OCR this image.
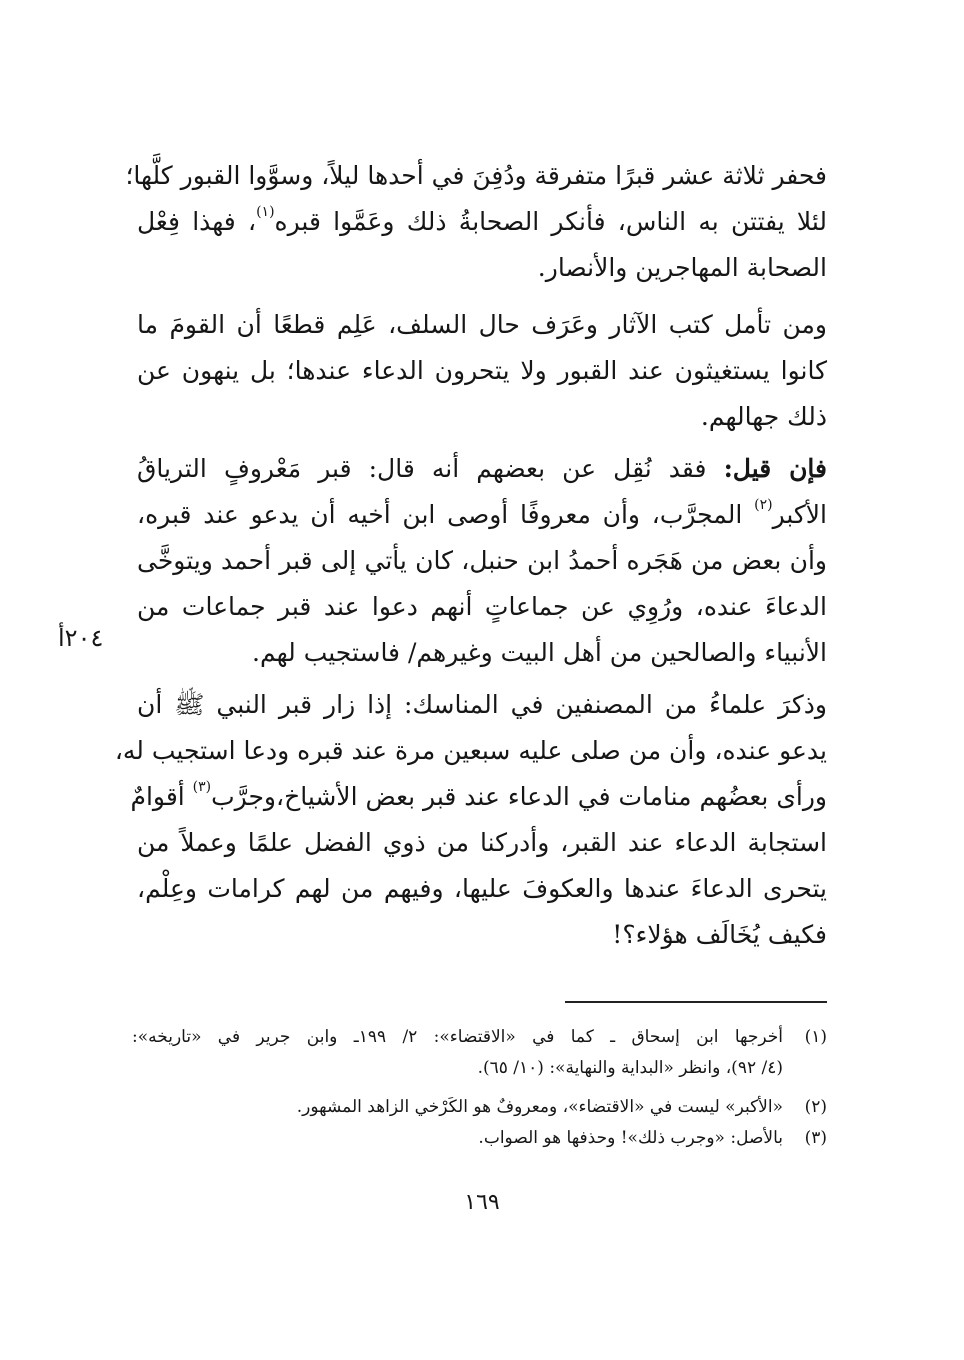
فحفر ثلاثة عشر قبرًا متفرقة ودُفِنَ في أحدها ليلاً، وسوَّوا القبور كلَّها؛
لئلا يفتتن به الناس، فأنكر الصحابةُ ذلك وعَمَّوا قبره$^{(١)}$، فهذا فِعْل
الصحابة المهاجرين والأنصار.
ومن تأمل كتب الآثار وعَرَف حال السلف، عَلِم قطعًا أن القومَ ما
كانوا يستغيثون عند القبور ولا يتحرون الدعاء عندها؛ بل ينهون عن
ذلك جهالهم.
فإن قيل: فقد نُقِل عن بعضهم أنه قال: قبر مَعْروفٍ الترياقُ
الأكبر$^{(٢)}$ المجرَّب، وأن معروفًا أوصى ابن أخيه أن يدعو عند قبره،
وأن بعض من هَجَره أحمدُ ابن حنبل، كان يأتي إلى قبر أحمد ويتوخَّى
الدعاءَ عنده، ورُوِي عن جماعاتٍ أنهم دعوا عند قبر جماعات من
الأنبياء والصالحين من أهل البيت وغيرهم/ فاستجيب لهم.
٢٠٤أ
وذكرَ علماءُ من المصنفين في المناسك: إذا زار قبر النبي ﷺ أن
يدعو عنده، وأن من صلى عليه سبعين مرة عند قبره ودعا استجيب له،
ورأى بعضُهم منامات في الدعاء عند قبر بعض الأشياخ،وجرَّب$^{(٣)}$ أقوامٌ
استجابة الدعاء عند القبر، وأدركنا من ذوي الفضل علمًا وعملاً من
يتحرى الدعاءَ عندها والعكوفَ عليها، وفيهم من لهم كرامات وعِلْم،
فكيف يُخَالَف هؤلاء؟!
(١)
أخرجها ابن إسحاق ـ كما في «الاقتضاء»: ٢/ ١٩٩ـ وابن جرير في «تاريخه»:
(٤/ ٩٢)، وانظر «البداية والنهاية»: (١٠/ ٦٥).
(٢)
«الأكبر» ليست في «الاقتضاء»، ومعروفٌ هو الكَرْخي الزاهد المشهور.
(٣)
بالأصل: «وجرب ذلك»! وحذفها هو الصواب.
١٦٩
